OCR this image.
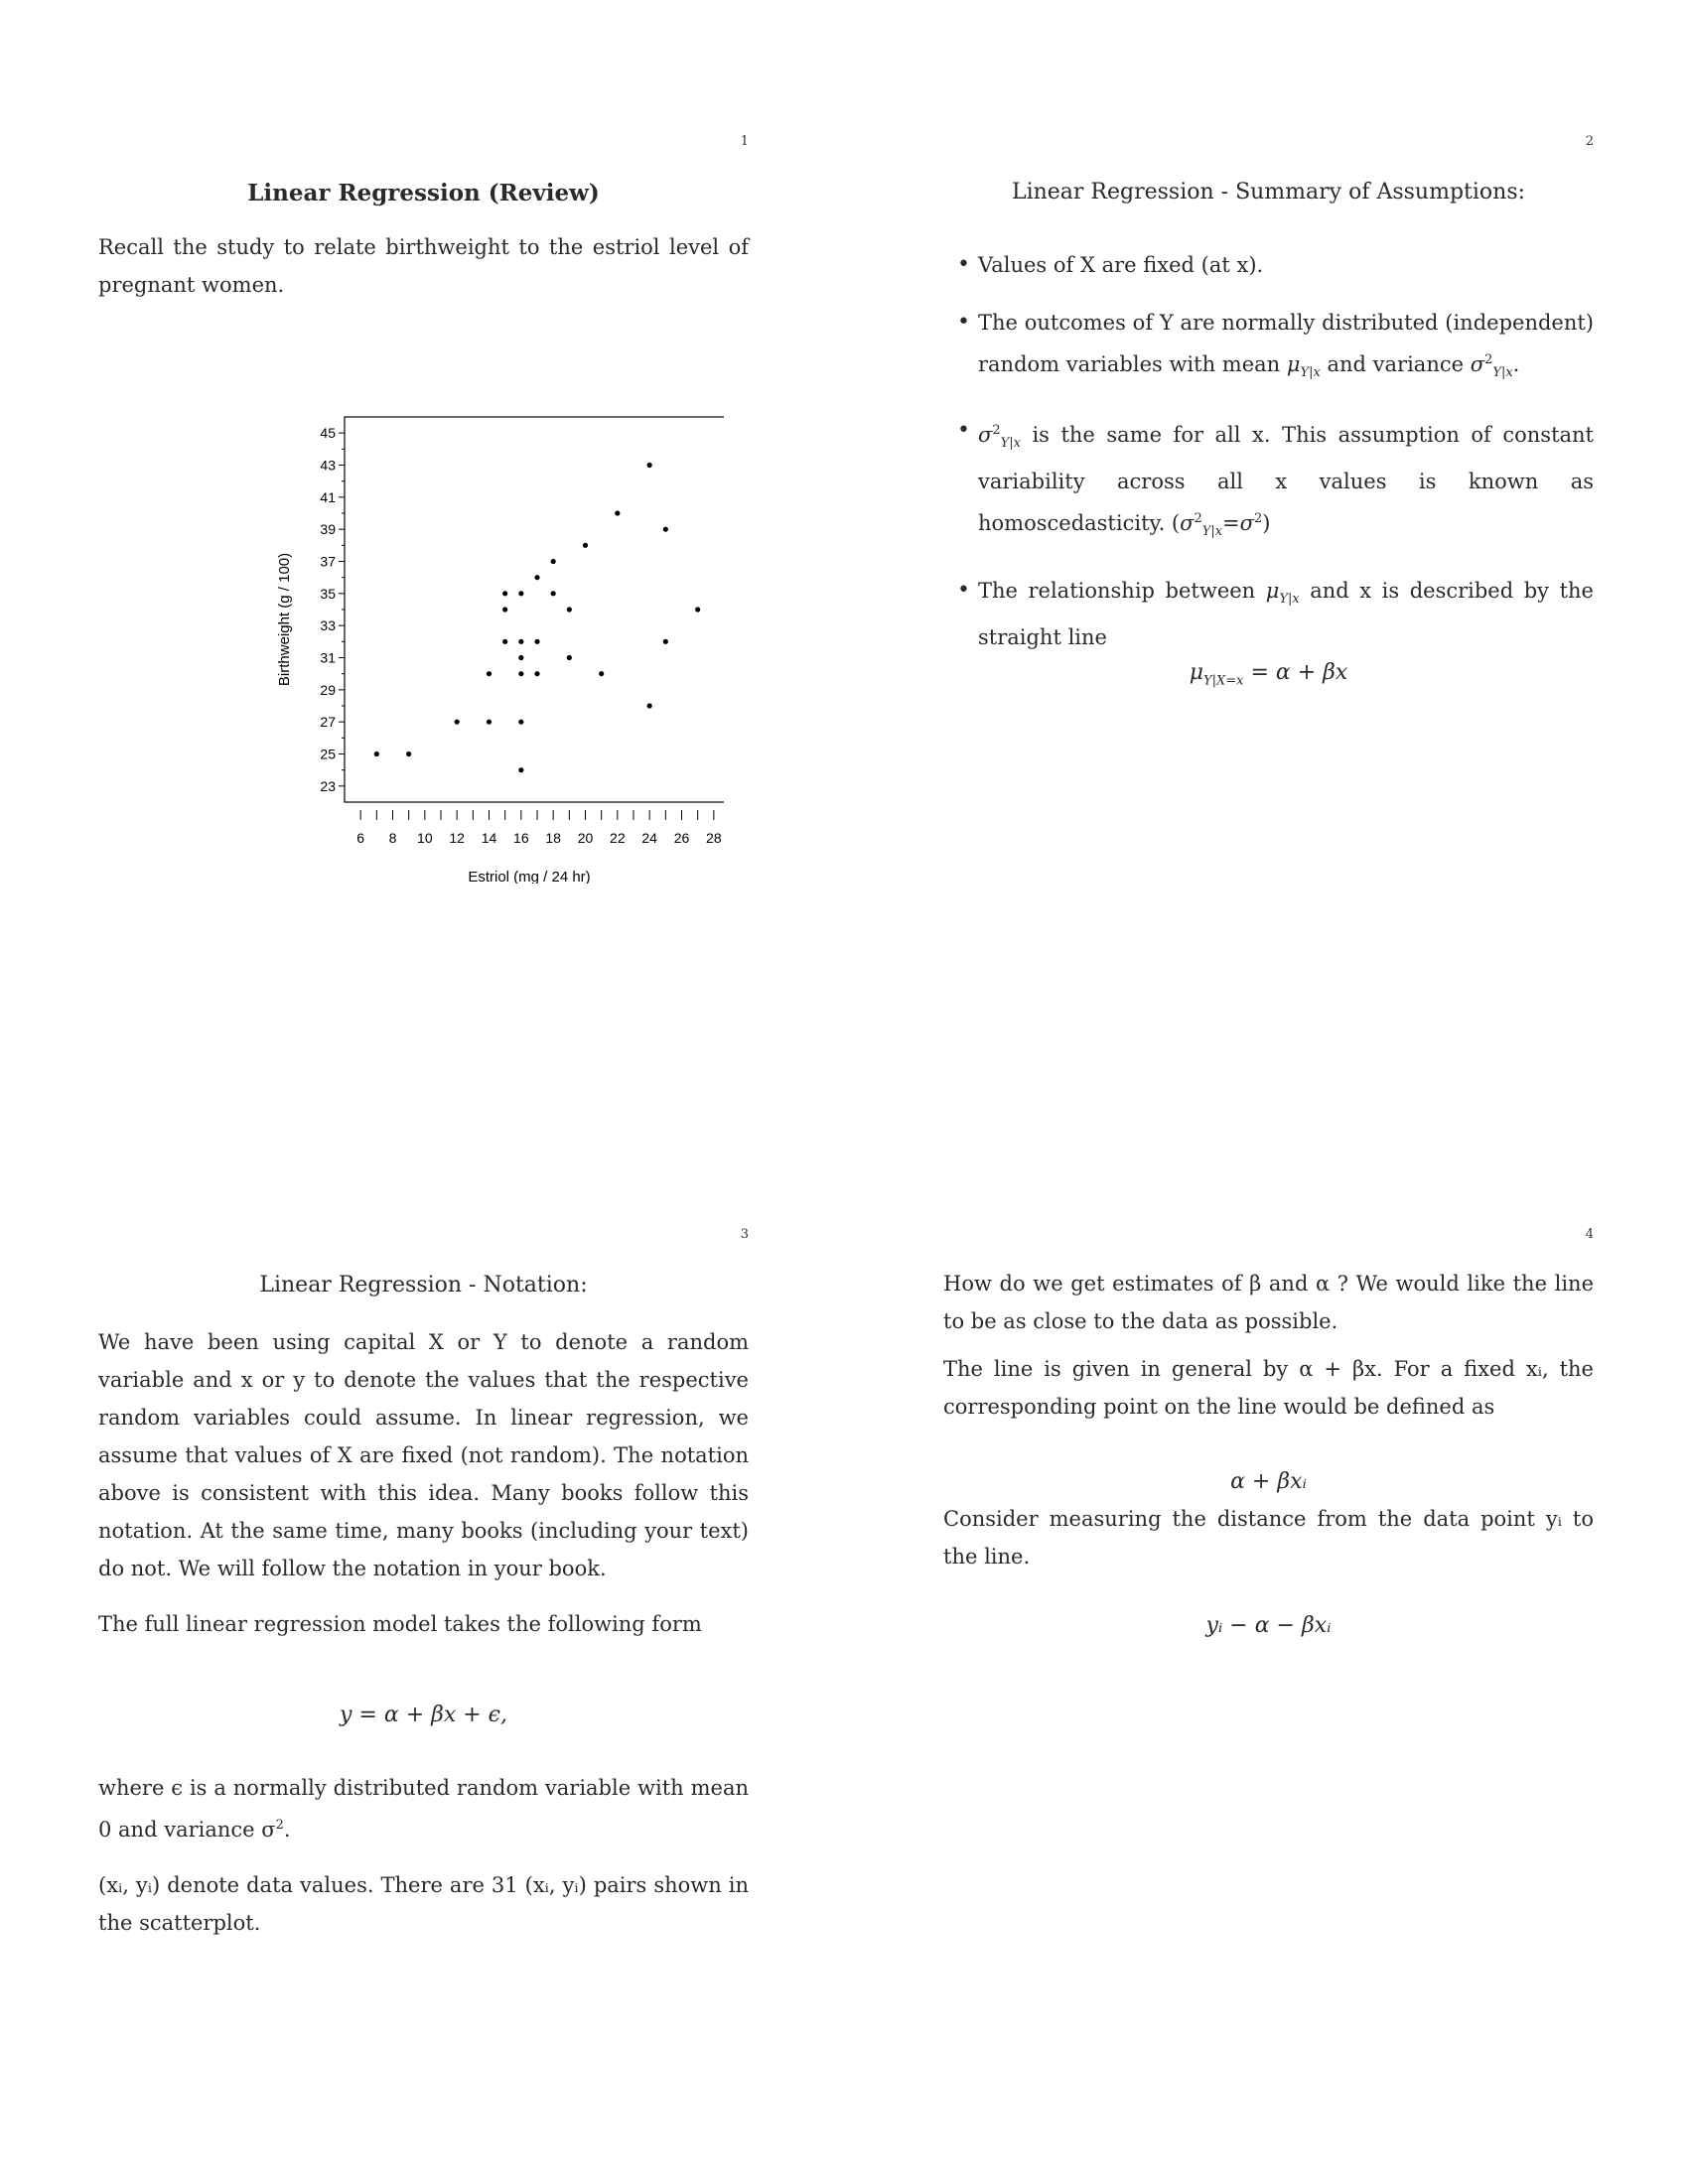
1
Linear Regression (Review)

Recall the study to relate birthweight to the estriol level of pregnant women.

23
25
27
29
31
33
35
37
39
41
43
45
6 8 10 12 14 16 18 20 22 24 26 28
Estriol (mg / 24 hr)
Birthweight (g / 100)
2
Linear Regression - Summary of Assumptions:
• Values of X are fixed (at x).
• The outcomes of Y are normally distributed (independent) random variables with mean $\mu_{Y|x}$ and variance $\sigma^2_{Y|x}$.
• $\sigma^2_{Y|x}$ is the same for all x. This assumption of constant variability across all x values is known as homoscedasticity. $(\sigma^2_{Y|x}=\sigma^2)$
• The relationship between $\mu_{Y|x}$ and x is described by the straight line
$\mu_{Y|X=x} = \alpha + \beta x$
3
Linear Regression - Notation:

We have been using capital X or Y to denote a random variable and x or y to denote the values that the respective random variables could assume. In linear regression, we assume that values of X are fixed (not random). The notation above is consistent with this idea. Many books follow this notation. At the same time, many books (including your text) do not. We will follow the notation in your book.

The full linear regression model takes the following form

y = α + βx + ϵ,

where ϵ is a normally distributed random variable with mean 0 and variance $\sigma^2$.

(xᵢ, yᵢ) denote data values. There are 31 (xᵢ, yᵢ) pairs shown in the scatterplot.

4

How do we get estimates of β and α ? We would like the line to be as close to the data as possible.

The line is given in general by α + βx. For a fixed xᵢ, the corresponding point on the line would be defined as

α + βxᵢ

Consider measuring the distance from the data point yᵢ to the line.

yᵢ − α − βxᵢ
